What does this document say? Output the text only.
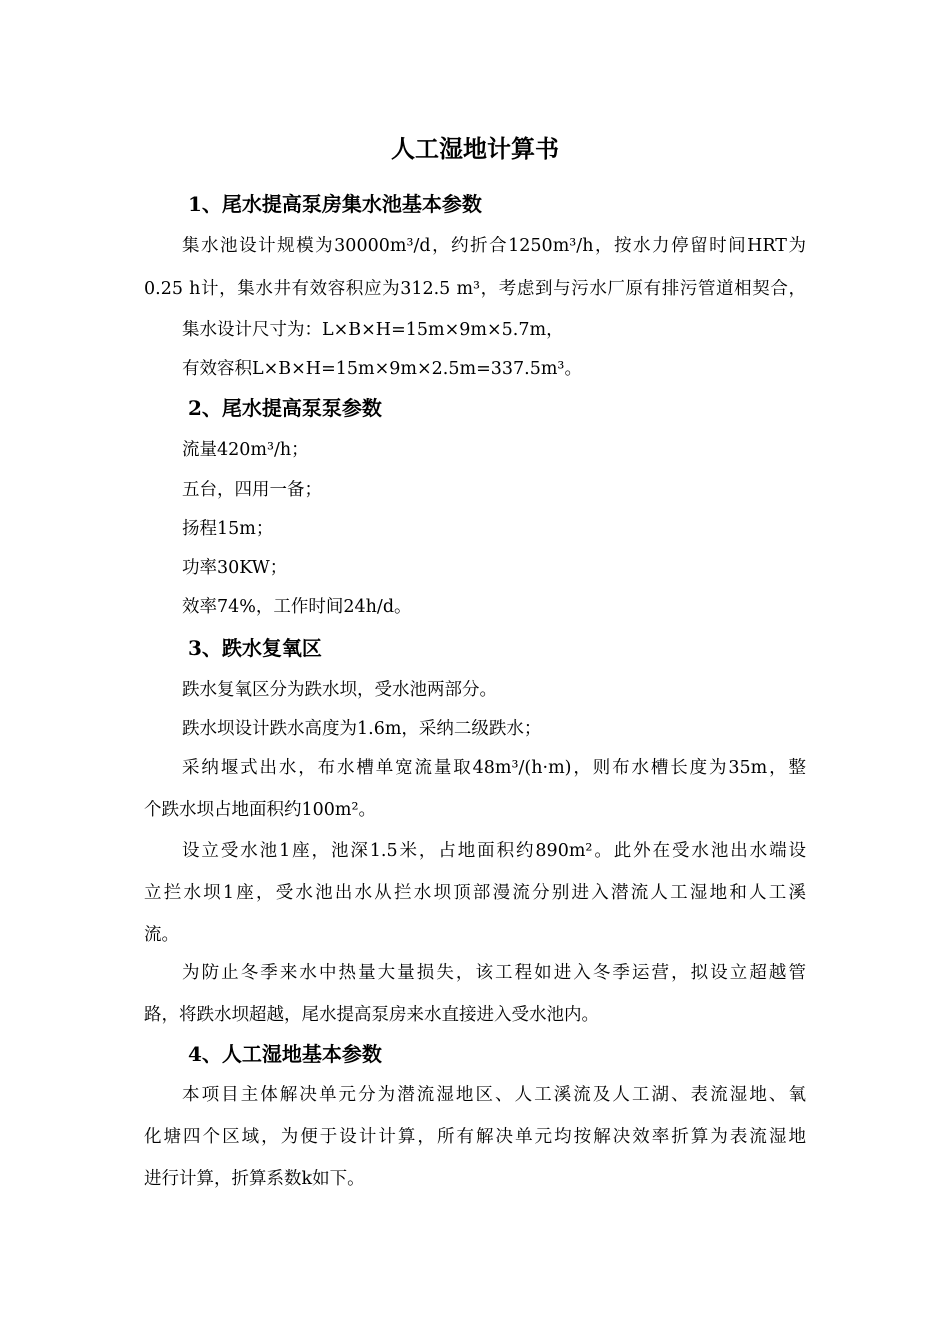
人工湿地计算书
1、尾水提高泵房集水池基本参数
集水池设计规模为30000m³/d，约折合1250m³/h，按水力停留时间HRT为
0.25 h计，集水井有效容积应为312.5 m³，考虑到与污水厂原有排污管道相契合，
集水设计尺寸为：L×B×H=15m×9m×5.7m，
有效容积L×B×H=15m×9m×2.5m=337.5m³。
2、尾水提高泵泵参数
流量420m³/h；
五台，四用一备；
扬程15m；
功率30KW；
效率74%，工作时间24h/d。
3、跌水复氧区
跌水复氧区分为跌水坝，受水池两部分。
跌水坝设计跌水高度为1.6m，采纳二级跌水；
采纳堰式出水，布水槽单宽流量取48m³/(h·m)，则布水槽长度为35m，整
个跌水坝占地面积约100m²。
设立受水池1座，池深1.5米，占地面积约890m²。此外在受水池出水端设
立拦水坝1座，受水池出水从拦水坝顶部漫流分别进入潜流人工湿地和人工溪
流。
为防止冬季来水中热量大量损失，该工程如进入冬季运营，拟设立超越管
路，将跌水坝超越，尾水提高泵房来水直接进入受水池内。
4、人工湿地基本参数
本项目主体解决单元分为潜流湿地区、人工溪流及人工湖、表流湿地、氧
化塘四个区域，为便于设计计算，所有解决单元均按解决效率折算为表流湿地
进行计算，折算系数k如下。
